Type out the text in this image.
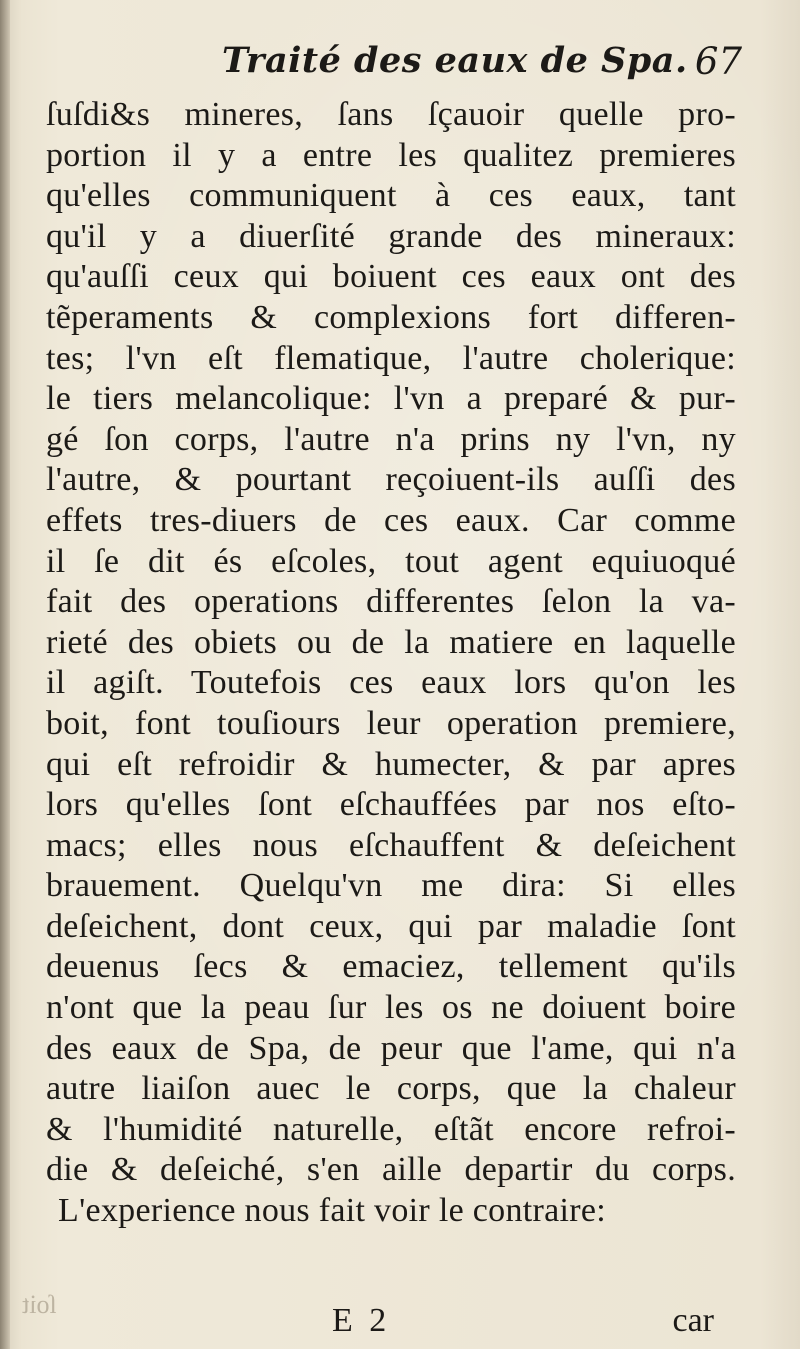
Traité des eaux de Spa. 67
ſuſdi&s mineres, ſans ſçauoir quelle pro-
portion il y a entre les qualitez premieres
qu'elles communiquent à ces eaux, tant
qu'il y a diuerſité grande des mineraux:
qu'auſſi ceux qui boiuent ces eaux ont des
tẽperaments & complexions fort differen-
tes; l'vn eſt flematique, l'autre cholerique:
le tiers melancolique: l'vn a preparé & pur-
gé ſon corps, l'autre n'a prins ny l'vn, ny
l'autre, & pourtant reçoiuent-ils auſſi des
effets tres-diuers de ces eaux. Car comme
il ſe dit és eſcoles, tout agent equiuoqué
fait des operations differentes ſelon la va-
rieté des obiets ou de la matiere en laquelle
il agiſt. Toutefois ces eaux lors qu'on les
boit, font touſiours leur operation premiere,
qui eſt refroidir & humecter, & par apres
lors qu'elles ſont eſchauffées par nos eſto-
macs; elles nous eſchauffent & deſeichent
brauement. Quelqu'vn me dira: Si elles
deſeichent, dont ceux, qui par maladie ſont
deuenus ſecs & emaciez, tellement qu'ils
n'ont que la peau ſur les os ne doiuent boire
des eaux de Spa, de peur que l'ame, qui n'a
autre liaiſon auec le corps, que la chaleur
& l'humidité naturelle, eſtãt encore refroi-
die & deſeiché, s'en aille departir du corps.
L'experience nous fait voir le contraire:
ſoit	E 2	car
